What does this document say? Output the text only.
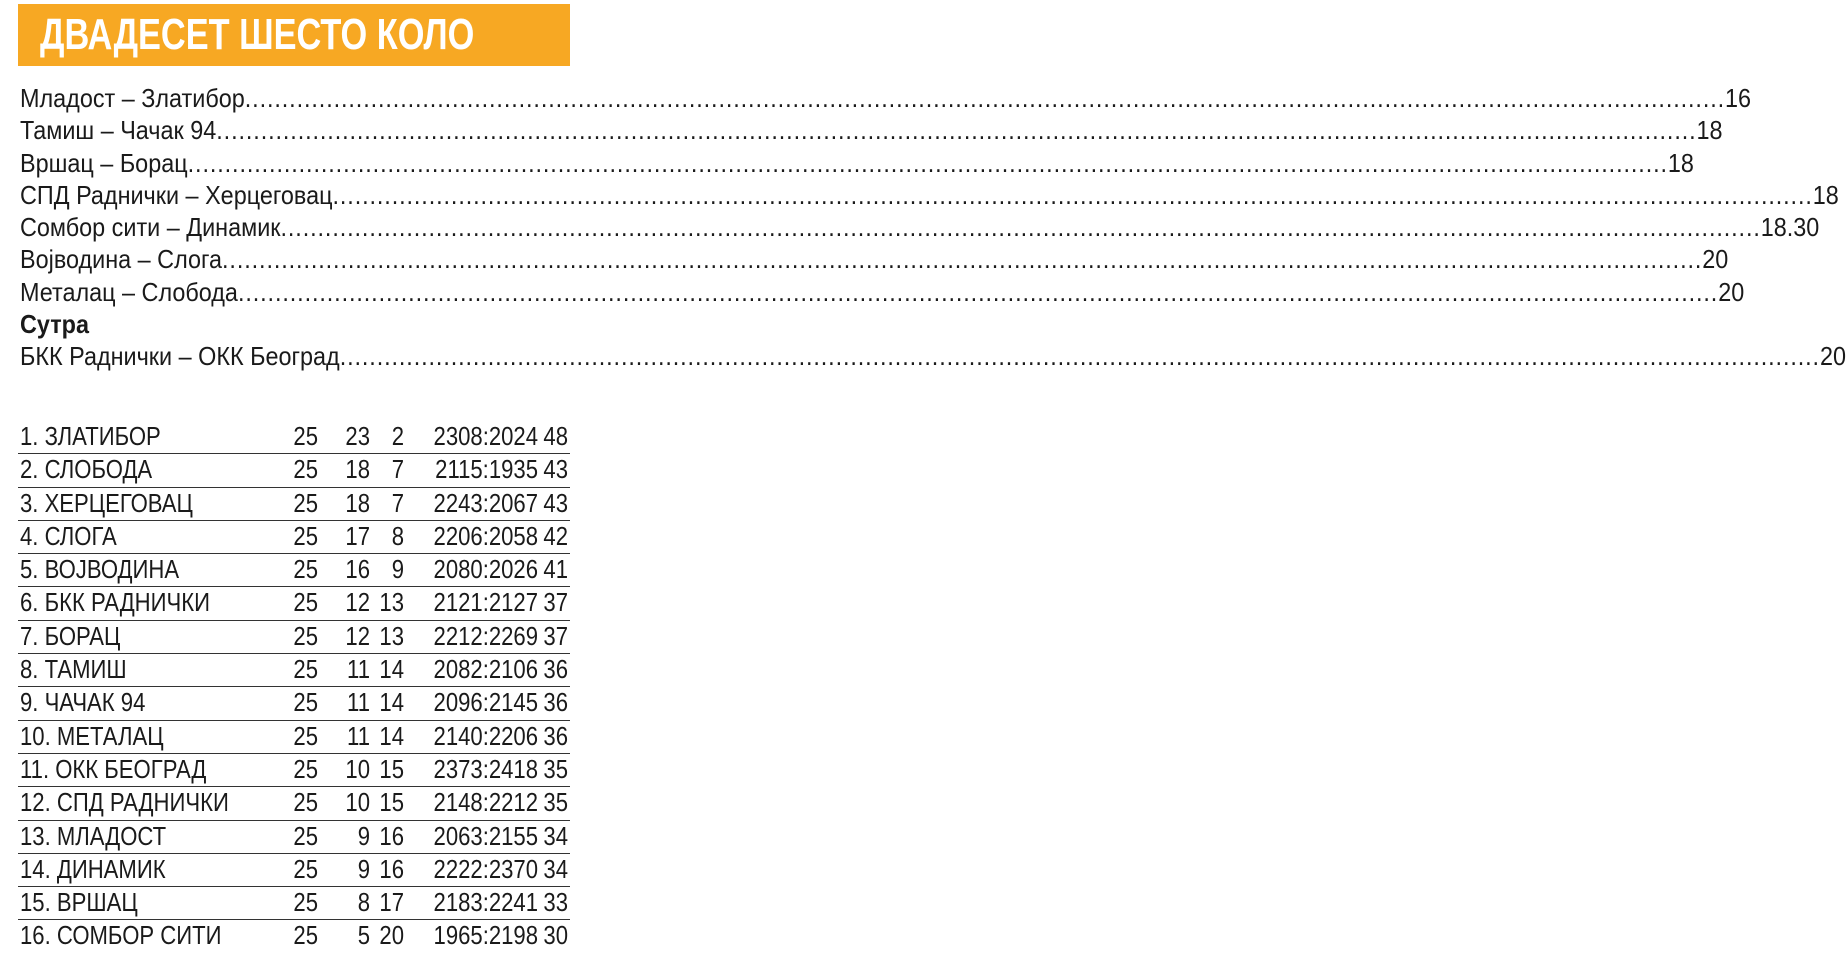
ДВАДЕСЕТ ШЕСТО КОЛО
Младост – Златибор ........................................................................................................................................................................................................ 16
Тамиш – Чачак 94 ........................................................................................................................................................................................................ 18
Вршац – Борац ........................................................................................................................................................................................................ 18
СПД Раднички – Херцеговац ........................................................................................................................................................................................................ 18
Сомбор сити – Динамик ........................................................................................................................................................................................................ 18.30
Војводина – Слога ........................................................................................................................................................................................................ 20
Металац – Слобода ........................................................................................................................................................................................................ 20
Сутра
БКК Раднички – ОКК Београд ........................................................................................................................................................................................................ 20
1. ЗЛАТИБОР	25 23 2 2308:2024 48
2. СЛОБОДА	25 18 7	2115:1935 43
3. ХЕРЦЕГОВАЦ	25 18 7 2243:2067 43
4. СЛОГА	25 17 8 2206:2058 42
5. ВОЈВОДИНА	25 16 9 2080:2026 41
6. БКК РАДНИЧКИ	25 12 13 2121:2127 37
7. БОРАЦ	25 12 13 2212:2269 37
8. ТАМИШ	25 11 14 2082:2106 36
9. ЧАЧАК 94	25 11 14 2096:2145 36
10. МЕТАЛАЦ	25 11 14 2140:2206 36
11. ОКК БЕОГРАД	25 10 15 2373:2418 35
12. СПД РАДНИЧКИ 25 10 15 2148:2212 35
13. МЛАДОСТ	25	9 16 2063:2155 34
14. ДИНАМИК	25	9 16 2222:2370 34
15. ВРШАЦ	25	8 17 2183:2241 33
16. СОМБОР СИТИ	25	5 20 1965:2198 30
